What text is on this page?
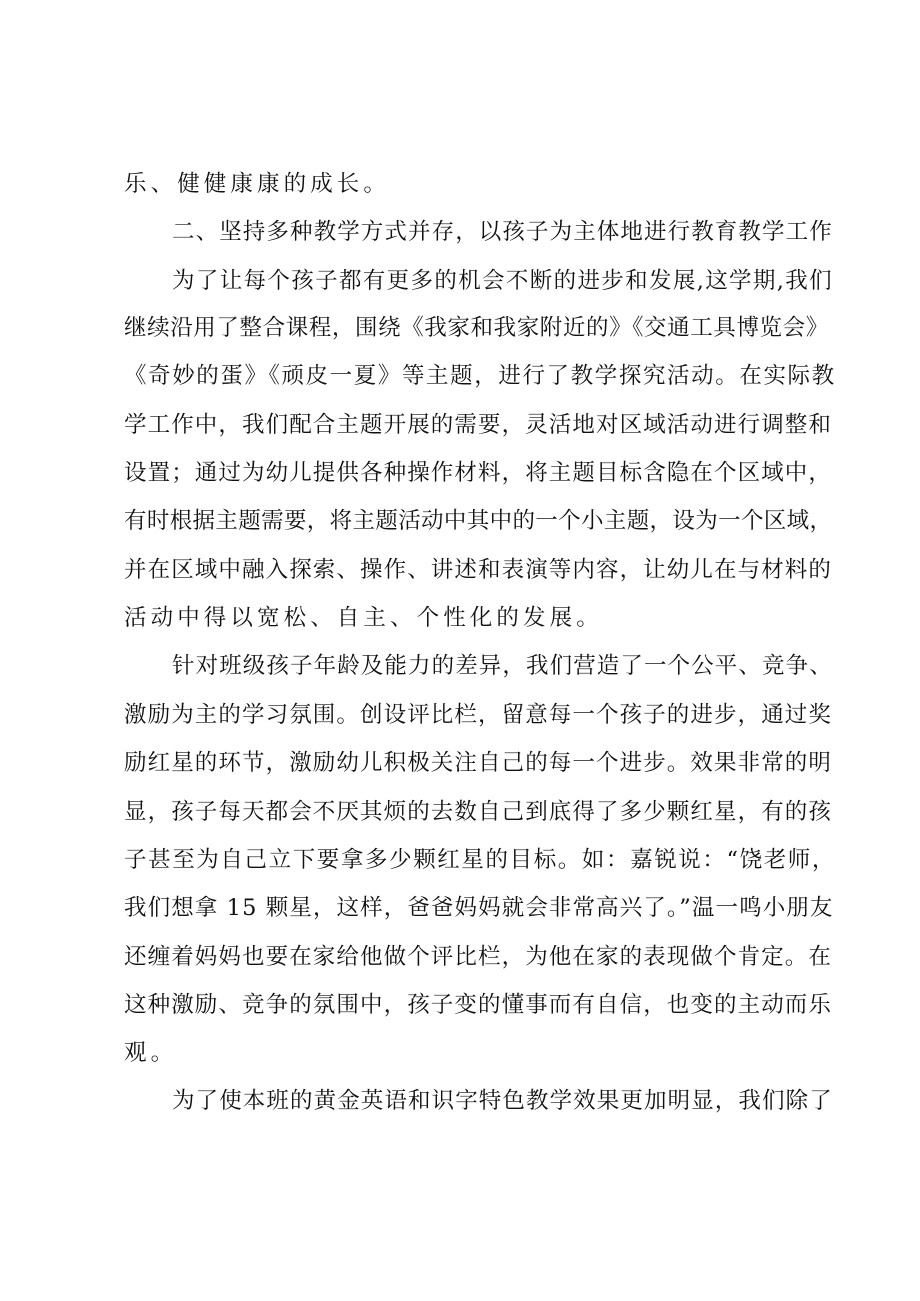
乐、健健康康的成长。
二、坚持多种教学方式并存，以孩子为主体地进行教育教学工作
为了让每个孩子都有更多的机会不断的进步和发展,这学期,我们
继续沿用了整合课程，围绕《我家和我家附近的》《交通工具博览会》
《奇妙的蛋》《顽皮一夏》等主题，进行了教学探究活动。在实际教
学工作中，我们配合主题开展的需要，灵活地对区域活动进行调整和
设置；通过为幼儿提供各种操作材料，将主题目标含隐在个区域中，
有时根据主题需要，将主题活动中其中的一个小主题，设为一个区域，
并在区域中融入探索、操作、讲述和表演等内容，让幼儿在与材料的
活动中得以宽松、自主、个性化的发展。
针对班级孩子年龄及能力的差异，我们营造了一个公平、竞争、
激励为主的学习氛围。创设评比栏，留意每一个孩子的进步，通过奖
励红星的环节，激励幼儿积极关注自己的每一个进步。效果非常的明
显，孩子每天都会不厌其烦的去数自己到底得了多少颗红星，有的孩
子甚至为自己立下要拿多少颗红星的目标。如：嘉锐说：“饶老师，
我们想拿 15 颗星，这样，爸爸妈妈就会非常高兴了。”温一鸣小朋友
还缠着妈妈也要在家给他做个评比栏，为他在家的表现做个肯定。在
这种激励、竞争的氛围中，孩子变的懂事而有自信，也变的主动而乐
观。
为了使本班的黄金英语和识字特色教学效果更加明显，我们除了
